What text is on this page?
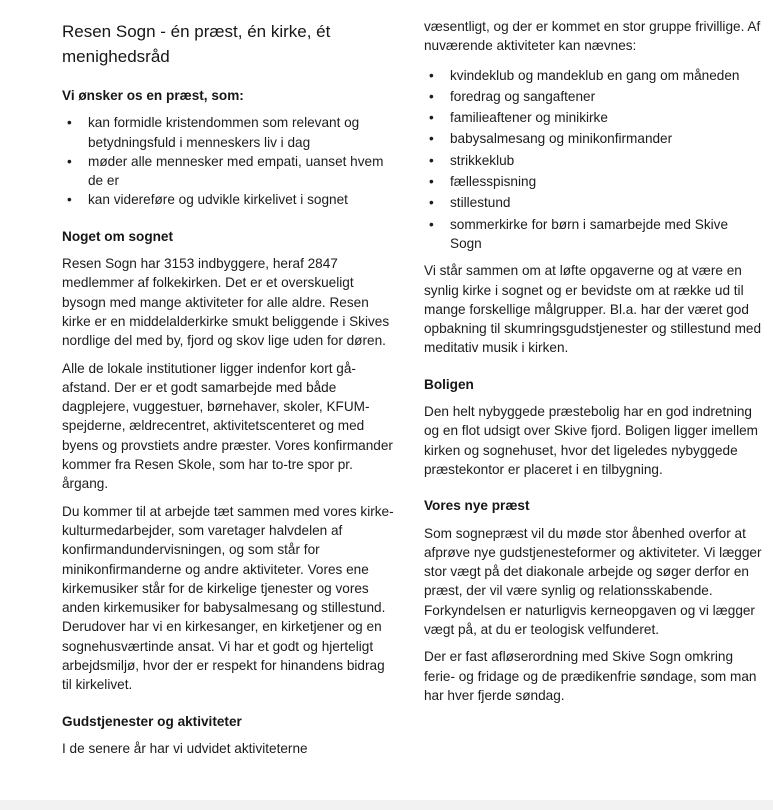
Resen Sogn - én præst, én kirke, ét menighedsråd
Vi ønsker os en præst, som:
• kan formidle kristendommen som relevant og betydningsfuld i menneskers liv i dag
• møder alle mennesker med empati, uanset hvem de er
• kan videreføre og udvikle kirkelivet i sognet
Noget om sognet

Resen Sogn har 3153 indbyggere, heraf 2847 medlemmer af folkekirken. Det er et overskueligt bysogn med mange aktiviteter for alle aldre. Resen kirke er en middelalderkirke smukt beliggende i Skives nordlige del med by, fjord og skov lige uden for døren.

Alle de lokale institutioner ligger indenfor kort gå-afstand. Der er et godt samarbejde med både dagplejere, vuggestuer, børnehaver, skoler, KFUM-spejderne, ældrecentret, aktivitetscenteret og med byens og provstiets andre præster. Vores konfirmander kommer fra Resen Skole, som har to-tre spor pr. årgang.

Du kommer til at arbejde tæt sammen med vores kirke-kulturmedarbejder, som varetager halvdelen af konfirmandundervisningen, og som står for minikonfirmanderne og andre aktiviteter. Vores ene kirkemusiker står for de kirkelige tjenester og vores anden kirkemusiker for babysalmesang og stillestund. Derudover har vi en kirkesanger, en kirketjener og en sognehusværtinde ansat. Vi har et godt og hjerteligt arbejdsmiljø, hvor der er respekt for hinandens bidrag til kirkelivet.

Gudstjenester og aktiviteter

I de senere år har vi udvidet aktiviteterne

væsentligt, og der er kommet en stor gruppe frivillige. Af nuværende aktiviteter kan nævnes:

• kvindeklub og mandeklub en gang om måneden
• foredrag og sangaftener
• familieaftener og minikirke
• babysalmesang og minikonfirmander
• strikkeklub
• fællesspisning
• stillestund
• sommerkirke for børn i samarbejde med Skive Sogn

Vi står sammen om at løfte opgaverne og at være en synlig kirke i sognet og er bevidste om at række ud til mange forskellige målgrupper. Bl.a. har der været god opbakning til skumringsgudstjenester og stillestund med meditativ musik i kirken.

Boligen

Den helt nybyggede præstebolig har en god indretning og en flot udsigt over Skive fjord. Boligen ligger imellem kirken og sognehuset, hvor det ligeledes nybyggede præstekontor er placeret i en tilbygning.

Vores nye præst

Som sognepræst vil du møde stor åbenhed overfor at afprøve nye gudstjenesteformer og aktiviteter. Vi lægger stor vægt på det diakonale arbejde og søger derfor en præst, der vil være synlig og relationsskabende. Forkyndelsen er naturligvis kerneopgaven og vi lægger vægt på, at du er teologisk velfunderet.

Der er fast afløserordning med Skive Sogn omkring ferie- og fridage og de prædikenfrie søndage, som man har hver fjerde søndag.
